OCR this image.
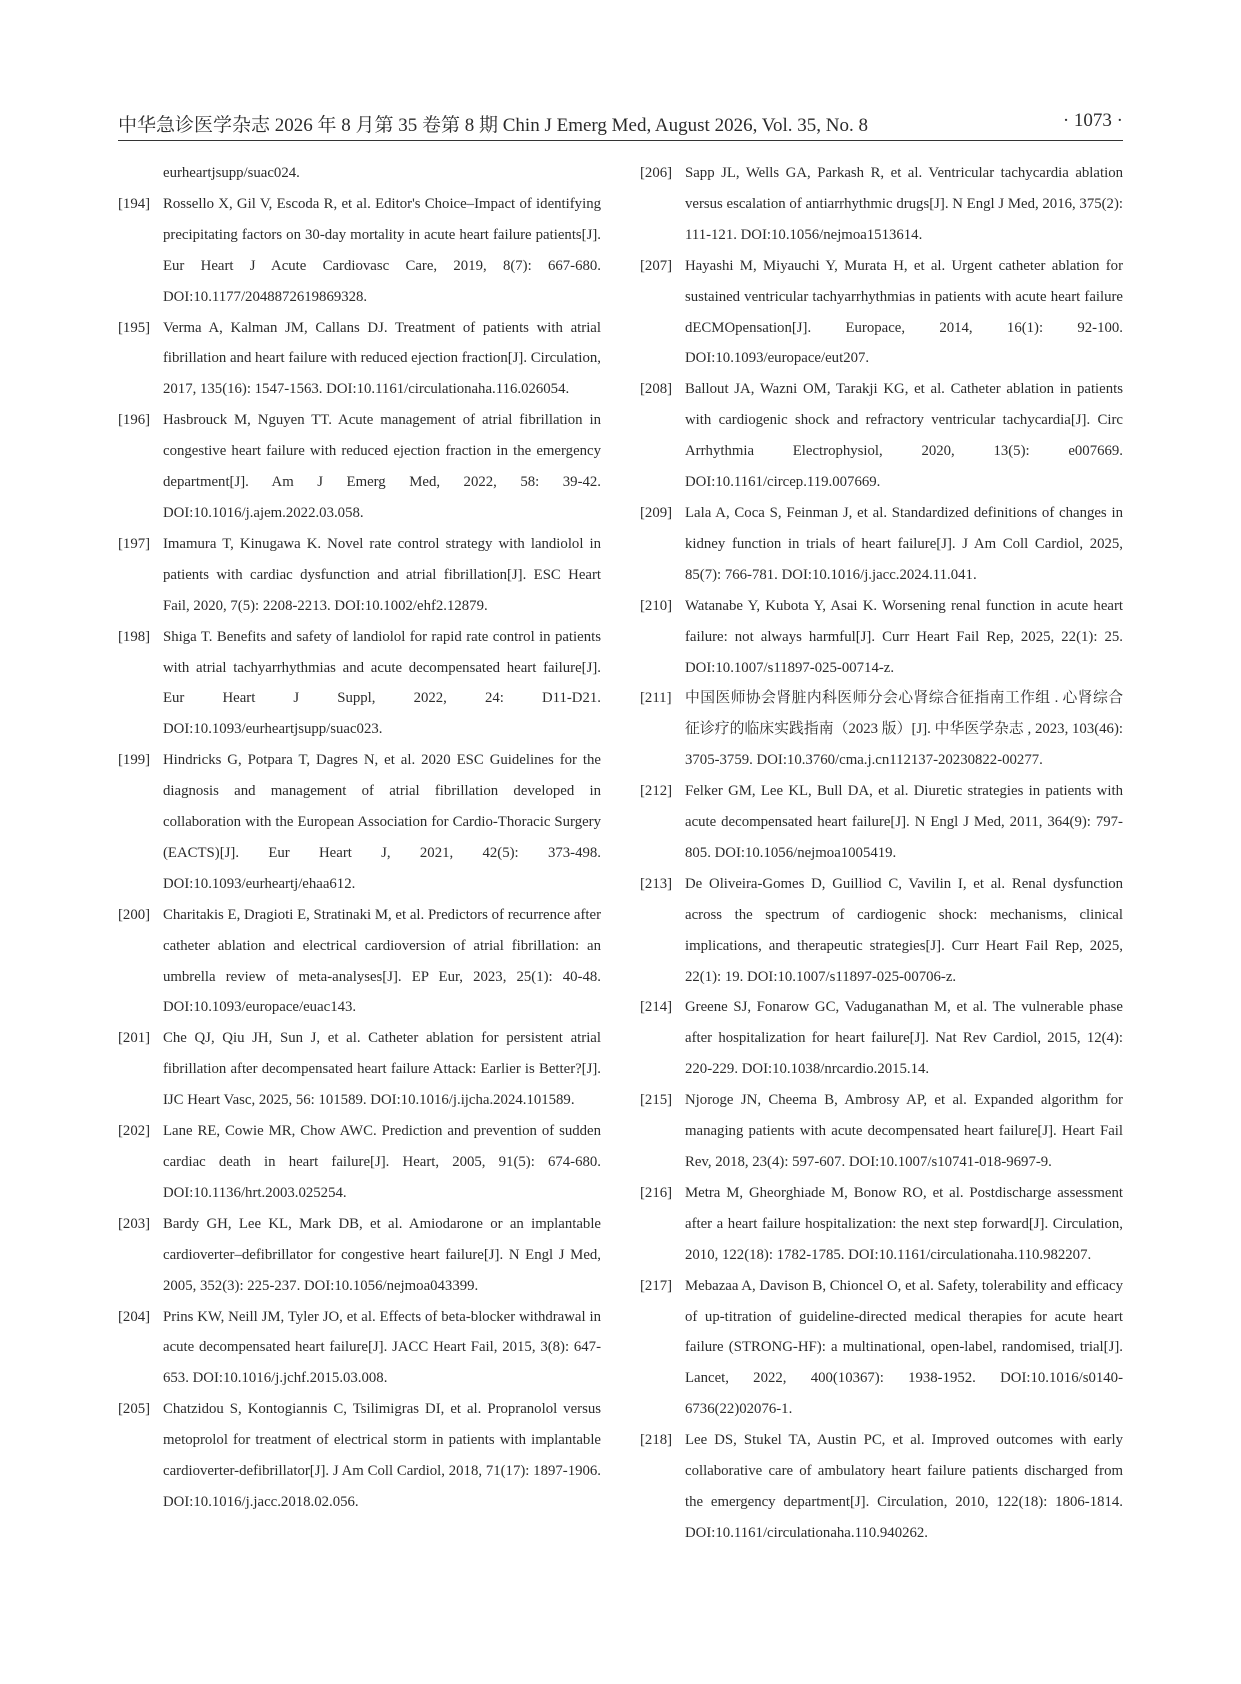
中华急诊医学杂志 2026 年 8 月第 35 卷第 8 期 Chin J Emerg Med, August 2026, Vol. 35, No. 8	· 1073 ·
eurheartjsupp/suac024.
[194] Rossello X, Gil V, Escoda R, et al. Editor's Choice–Impact of identifying precipitating factors on 30-day mortality in acute heart failure patients[J]. Eur Heart J Acute Cardiovasc Care, 2019, 8(7): 667-680. DOI:10.1177/2048872619869328.
[195] Verma A, Kalman JM, Callans DJ. Treatment of patients with atrial fibrillation and heart failure with reduced ejection fraction[J]. Circulation, 2017, 135(16): 1547-1563. DOI:10.1161/circulationaha.116.026054.
[196] Hasbrouck M, Nguyen TT. Acute management of atrial fibrillation in congestive heart failure with reduced ejection fraction in the emergency department[J]. Am J Emerg Med, 2022, 58: 39-42. DOI:10.1016/j.ajem.2022.03.058.
[197] Imamura T, Kinugawa K. Novel rate control strategy with landiolol in patients with cardiac dysfunction and atrial fibrillation[J]. ESC Heart Fail, 2020, 7(5): 2208-2213. DOI:10.1002/ehf2.12879.
[198] Shiga T. Benefits and safety of landiolol for rapid rate control in patients with atrial tachyarrhythmias and acute decompensated heart failure[J]. Eur Heart J Suppl, 2022, 24: D11-D21. DOI:10.1093/eurheartjsupp/suac023.
[199] Hindricks G, Potpara T, Dagres N, et al. 2020 ESC Guidelines for the diagnosis and management of atrial fibrillation developed in collaboration with the European Association for Cardio-Thoracic Surgery (EACTS)[J]. Eur Heart J, 2021, 42(5): 373-498. DOI:10.1093/eurheartj/ehaa612.
[200] Charitakis E, Dragioti E, Stratinaki M, et al. Predictors of recurrence after catheter ablation and electrical cardioversion of atrial fibrillation: an umbrella review of meta-analyses[J]. EP Eur, 2023, 25(1): 40-48. DOI:10.1093/europace/euac143.
[201] Che QJ, Qiu JH, Sun J, et al. Catheter ablation for persistent atrial fibrillation after decompensated heart failure Attack: Earlier is Better?[J]. IJC Heart Vasc, 2025, 56: 101589. DOI:10.1016/j.ijcha.2024.101589.
[202] Lane RE, Cowie MR, Chow AWC. Prediction and prevention of sudden cardiac death in heart failure[J]. Heart, 2005, 91(5): 674-680. DOI:10.1136/hrt.2003.025254.
[203] Bardy GH, Lee KL, Mark DB, et al. Amiodarone or an implantable cardioverter–defibrillator for congestive heart failure[J]. N Engl J Med, 2005, 352(3): 225-237. DOI:10.1056/nejmoa043399.
[204] Prins KW, Neill JM, Tyler JO, et al. Effects of beta-blocker withdrawal in acute decompensated heart failure[J]. JACC Heart Fail, 2015, 3(8): 647-653. DOI:10.1016/j.jchf.2015.03.008.
[205] Chatzidou S, Kontogiannis C, Tsilimigras DI, et al. Propranolol versus metoprolol for treatment of electrical storm in patients with implantable cardioverter-defibrillator[J]. J Am Coll Cardiol, 2018, 71(17): 1897-1906. DOI:10.1016/j.jacc.2018.02.056.
[206] Sapp JL, Wells GA, Parkash R, et al. Ventricular tachycardia ablation versus escalation of antiarrhythmic drugs[J]. N Engl J Med, 2016, 375(2): 111-121. DOI:10.1056/nejmoa1513614.
[207] Hayashi M, Miyauchi Y, Murata H, et al. Urgent catheter ablation for sustained ventricular tachyarrhythmias in patients with acute heart failure dECMOpensation[J]. Europace, 2014, 16(1): 92-100. DOI:10.1093/europace/eut207.
[208] Ballout JA, Wazni OM, Tarakji KG, et al. Catheter ablation in patients with cardiogenic shock and refractory ventricular tachycardia[J]. Circ Arrhythmia Electrophysiol, 2020, 13(5): e007669. DOI:10.1161/circep.119.007669.
[209] Lala A, Coca S, Feinman J, et al. Standardized definitions of changes in kidney function in trials of heart failure[J]. J Am Coll Cardiol, 2025, 85(7): 766-781. DOI:10.1016/j.jacc.2024.11.041.
[210] Watanabe Y, Kubota Y, Asai K. Worsening renal function in acute heart failure: not always harmful[J]. Curr Heart Fail Rep, 2025, 22(1): 25. DOI:10.1007/s11897-025-00714-z.
[211] 中国医师协会肾脏内科医师分会心肾综合征指南工作组 . 心肾综合征诊疗的临床实践指南（2023 版）[J]. 中华医学杂志 , 2023, 103(46): 3705-3759. DOI:10.3760/cma.j.cn112137-20230822-00277.
[212] Felker GM, Lee KL, Bull DA, et al. Diuretic strategies in patients with acute decompensated heart failure[J]. N Engl J Med, 2011, 364(9): 797-805. DOI:10.1056/nejmoa1005419.
[213] De Oliveira-Gomes D, Guilliod C, Vavilin I, et al. Renal dysfunction across the spectrum of cardiogenic shock: mechanisms, clinical implications, and therapeutic strategies[J]. Curr Heart Fail Rep, 2025, 22(1): 19. DOI:10.1007/s11897-025-00706-z.
[214] Greene SJ, Fonarow GC, Vaduganathan M, et al. The vulnerable phase after hospitalization for heart failure[J]. Nat Rev Cardiol, 2015, 12(4): 220-229. DOI:10.1038/nrcardio.2015.14.
[215] Njoroge JN, Cheema B, Ambrosy AP, et al. Expanded algorithm for managing patients with acute decompensated heart failure[J]. Heart Fail Rev, 2018, 23(4): 597-607. DOI:10.1007/s10741-018-9697-9.
[216] Metra M, Gheorghiade M, Bonow RO, et al. Postdischarge assessment after a heart failure hospitalization: the next step forward[J]. Circulation, 2010, 122(18): 1782-1785. DOI:10.1161/circulationaha.110.982207.
[217] Mebazaa A, Davison B, Chioncel O, et al. Safety, tolerability and efficacy of up-titration of guideline-directed medical therapies for acute heart failure (STRONG-HF): a multinational, open-label, randomised, trial[J]. Lancet, 2022, 400(10367): 1938-1952. DOI:10.1016/s0140-6736(22)02076-1.
[218] Lee DS, Stukel TA, Austin PC, et al. Improved outcomes with early collaborative care of ambulatory heart failure patients discharged from the emergency department[J]. Circulation, 2010, 122(18): 1806-1814. DOI:10.1161/circulationaha.110.940262.
